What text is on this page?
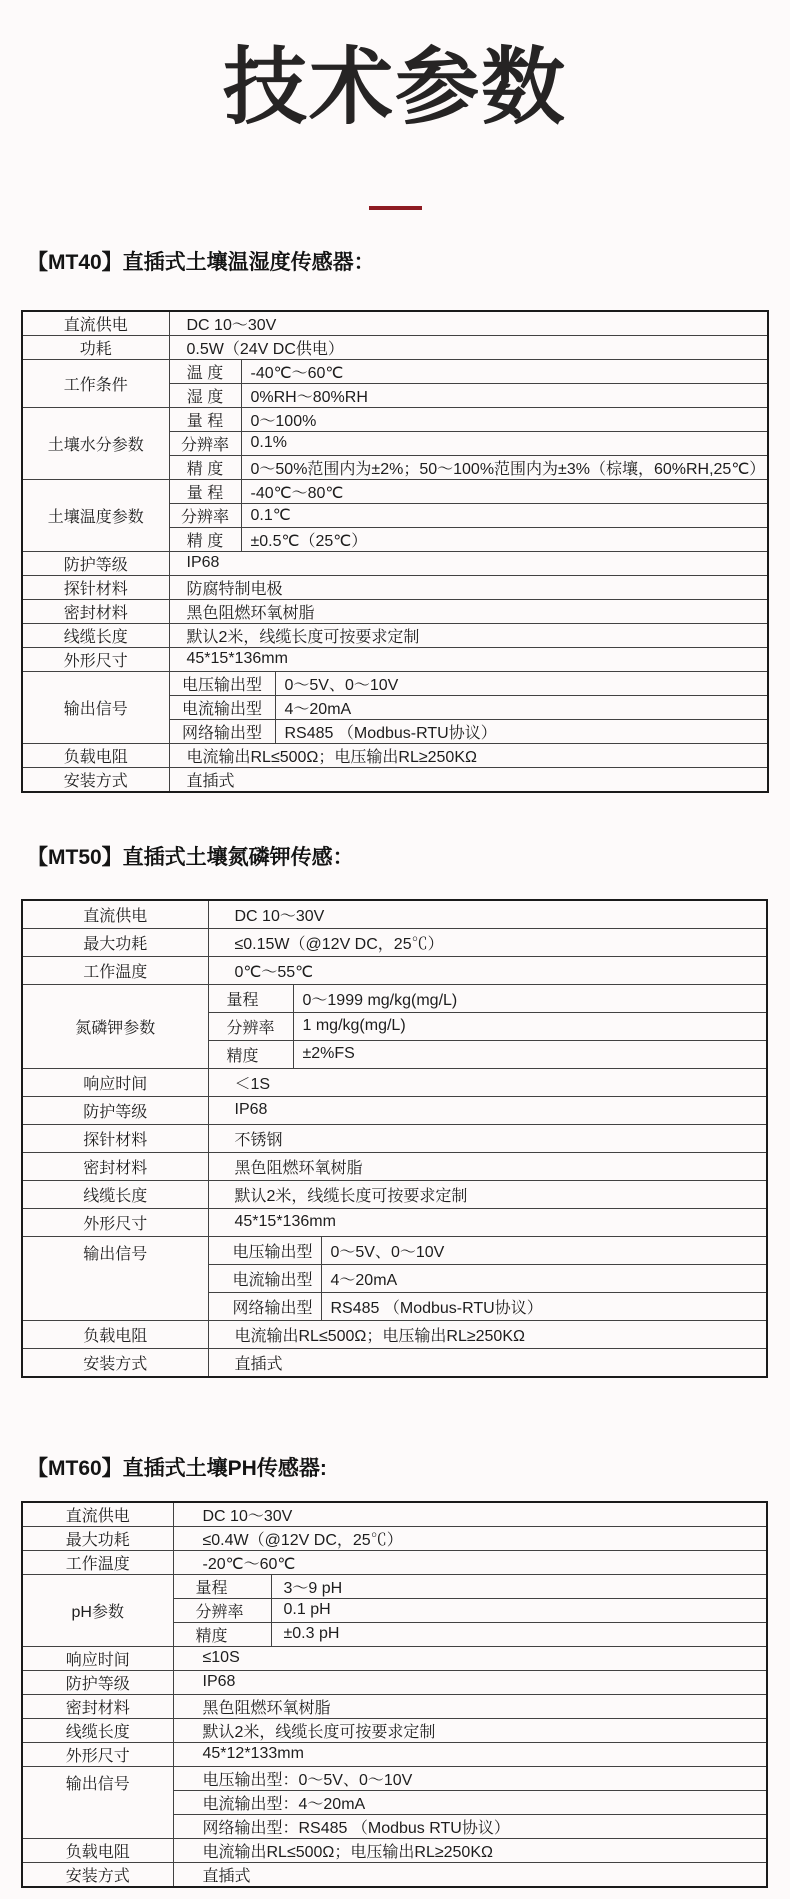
技术参数
【MT40】直插式土壤温湿度传感器：
直流供电	DC 10～30V		
功耗	0.5W（24V DC供电）		
工作条件	温 度	-40℃～60℃	
	湿 度	0%RH～80%RH	
土壤水分参数	量 程	0～100%	
	分辨率	0.1%	
	精 度	0～50%范围内为±2%；50～100%范围内为±3%（棕壤，60%RH,25℃）	
土壤温度参数	量 程	-40℃～80℃	
	分辨率	0.1℃	
	精 度	±0.5℃（25℃）	
防护等级	IP68		
探针材料	防腐特制电极		
密封材料	黑色阻燃环氧树脂		
线缆长度	默认2米，线缆长度可按要求定制		
外形尺寸	45*15*136mm		
输出信号	电压输出型		0～5V、0～10V
	电流输出型		4～20mA
	网络输出型		RS485 （Modbus-RTU协议）
负载电阻	电流输出RL≤500Ω；电压输出RL≥250KΩ		
安装方式	直插式		
【MT50】直插式土壤氮磷钾传感：
直流供电	DC 10～30V		
最大功耗	≤0.15W（@12V DC，25℃）		
工作温度	0℃～55℃		
氮磷钾参数	量程	0～1999 mg/kg(mg/L)	
	分辨率	1 mg/kg(mg/L)	
	精度	±2%FS	
响应时间	＜1S		
防护等级	IP68		
探针材料	不锈钢		
密封材料	黑色阻燃环氧树脂		
线缆长度	默认2米，线缆长度可按要求定制		
外形尺寸	45*15*136mm		
输出信号	电压输出型		0～5V、0～10V
	电流输出型		4～20mA
	网络输出型		RS485 （Modbus-RTU协议）
负载电阻	电流输出RL≤500Ω；电压输出RL≥250KΩ		
安装方式	直插式		
【MT60】直插式土壤PH传感器:
直流供电	DC 10～30V	
最大功耗	≤0.4W（@12V DC，25℃）	
工作温度	-20℃～60℃	
pH参数	量程	3～9 pH
	分辨率	0.1 pH
	精度	±0.3 pH
响应时间	≤10S	
防护等级	IP68	
密封材料	黑色阻燃环氧树脂	
线缆长度	默认2米，线缆长度可按要求定制	
外形尺寸	45*12*133mm	
输出信号	电压输出型：0～5V、0～10V	
	电流输出型：4～20mA	
	网络输出型：RS485 （Modbus RTU协议）	
负载电阻	电流输出RL≤500Ω；电压输出RL≥250KΩ	
安装方式	直插式	
